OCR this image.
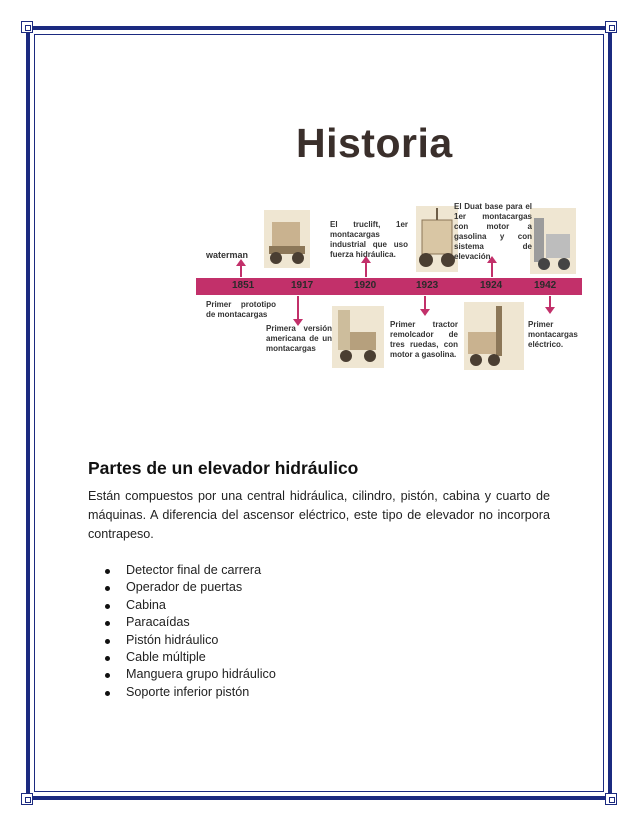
Historia
waterman
El truclift, 1er montacargas industrial que uso fuerza hidráulica.
El Duat base para el 1er montacargas con motor a gasolina y con sistema de elevación.
1851	1917	1920	1923	1924	1942
Primer prototipo de montacargas
Primera versión americana de un montacargas
Primer tractor remolcador de tres ruedas, con motor a gasolina.
Primer montacargas eléctrico.
Partes de un elevador hidráulico
Están compuestos por una central hidráulica, cilindro, pistón, cabina y cuarto de máquinas. A diferencia del ascensor eléctrico, este tipo de elevador no incorpora contrapeso.
Detector final de carrera
Operador de puertas
Cabina
Paracaídas
Pistón hidráulico
Cable múltiple
Manguera grupo hidráulico
Soporte inferior pistón
